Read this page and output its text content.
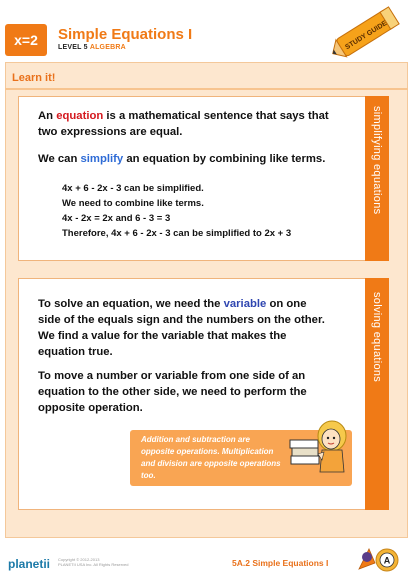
x=2	Simple Equations I
LEVEL 5 ALGEBRA	STUDY GUIDE
Learn it!
simplifying equations
An equation is a mathematical sentence that says that
two expressions are equal.
We can simplify an equation by combining like terms.
4x + 6 - 2x - 3 can be simplified.
We need to combine like terms.
4x - 2x = 2x and 6 - 3 = 3
Therefore, 4x + 6 - 2x - 3 can be simplified to 2x + 3
solving equations
To solve an equation, we need the variable on one
side of the equals sign and the numbers on the other.
We find a value for the variable that makes the
equation true.
To move a number or variable from one side of an
equation to the other side, we need to perform the
opposite operation.
Addition and subtraction are
opposite operations. Multiplication
and division are opposite operations
too.
planetii Copyright © 2012-2013
PLANETII USA Inc. All Rights Reserved	5A.2 Simple Equations I	A
